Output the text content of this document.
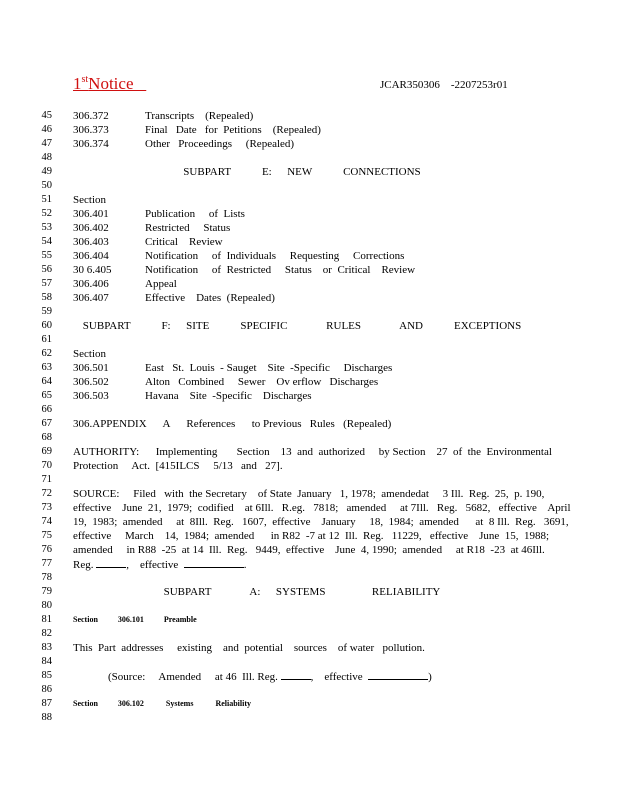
1stNotice	JCAR350306    -2207253r01
45 306.372	Transcripts    (Repealed)
46 306.373	Final   Date   for  Petitions    (Repealed)
47 306.374	Other   Proceedings     (Repealed)
48
49	SUBPART    E:  NEW    CONNECTIONS
50
51 Section
52 306.401	Publication     of  Lists
53 306.402	Restricted     Status
54 306.403	Critical    Review
55 306.404	Notification     of  Individuals     Requesting     Corrections
56 30 6.405	Notification     of  Restricted     Status    or  Critical    Review
57 306.406	Appeal
58 306.407	Effective    Dates  (Repealed)
59
60	SUBPART    F:  SITE    SPECIFIC     RULES     AND    EXCEPTIONS
61
62 Section
63 306.501	East   St.  Louis  - Sauget    Site  -Specific     Discharges
64 306.502	Alton   Combined     Sewer    Ov erflow   Discharges
65 306.503	Havana    Site  -Specific    Discharges
66
67 306.APPENDIX      A      References      to Previous   Rules   (Repealed)
68
69 AUTHORITY:      Implementing       Section    13  and  authorized     by Section    27  of  the  Environmental
70 Protection     Act.  [415ILCS     5/13   and   27].
71
72 SOURCE:     Filed   with  the Secretary    of State  January   1, 1978;  amendedat     3 Ill.  Reg.  25,  p. 190,
73 effective    June  21,  1979;  codified    at 6Ill.   R.eg.   7818;   amended     at 7Ill.   Reg.   5682,   effective    April
74 19,  1983;  amended     at  8Ill.  Reg.   1607,  effective    January     18,  1984;  amended      at  8 Ill.  Reg.   3691,
75 effective     March    14,  1984;  amended      in R82  -7 at 12  Ill.  Reg.   11229,   effective    June  15,  1988;
76 amended     in R88  -25  at 14  Ill.  Reg.   9449,  effective    June  4, 1990;  amended     at R18  -23  at 46Ill.
77 Reg.	,    effective	.
78
79	SUBPART     A:  SYSTEMS      RELIABILITY
80
81	Section          306.101          Preamble
82
83 This  Part  addresses     existing    and  potential    sources    of water   pollution.
84
85	(Source:     Amended     at 46  Ill. Reg.	,    effective	)
86
87	Section          306.102           Systems           Reliability
88
